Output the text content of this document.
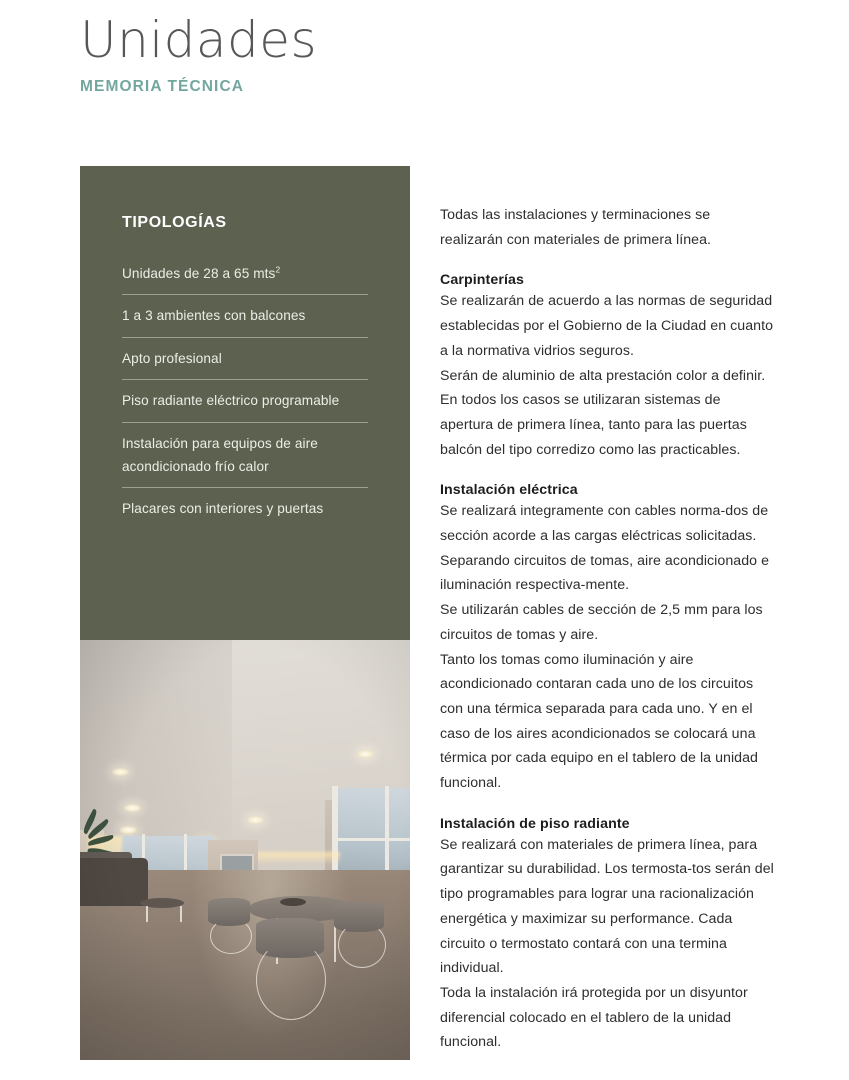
Unidades
MEMORIA TÉCNICA
TIPOLOGÍAS
Unidades de 28 a 65 mts$^2$
1 a 3 ambientes con balcones
Apto profesional
Piso radiante eléctrico programable
Instalación para equipos de aire acondicionado frío calor
Placares con interiores y puertas

Todas las instalaciones y terminaciones se realizarán con materiales de primera línea.

Carpinterías

Se realizarán de acuerdo a las normas de seguridad establecidas por el Gobierno de la Ciudad en cuanto a la normativa vidrios seguros.

Serán de aluminio de alta prestación color a definir.

En todos los casos se utilizaran sistemas de apertura de primera línea, tanto para las puertas balcón del tipo corredizo como las practicables.

Instalación eléctrica

Se realizará integramente con cables norma-dos de sección acorde a las cargas eléctricas solicitadas. Separando circuitos de tomas, aire acondicionado e iluminación respectiva-mente.

Se utilizarán cables de sección de 2,5 mm para los circuitos de tomas y aire.

Tanto los tomas como iluminación y aire acondicionado contaran cada uno de los circuitos con una térmica separada para cada uno. Y en el caso de los aires acondicionados se colocará una térmica por cada equipo en el tablero de la unidad funcional.

Instalación de piso radiante

Se realizará con materiales de primera línea, para garantizar su durabilidad. Los termosta-tos serán del tipo programables para lograr una racionalización energética y maximizar su performance. Cada circuito o termostato contará con una termina individual.

Toda la instalación irá protegida por un disyuntor diferencial colocado en el tablero de la unidad funcional.
